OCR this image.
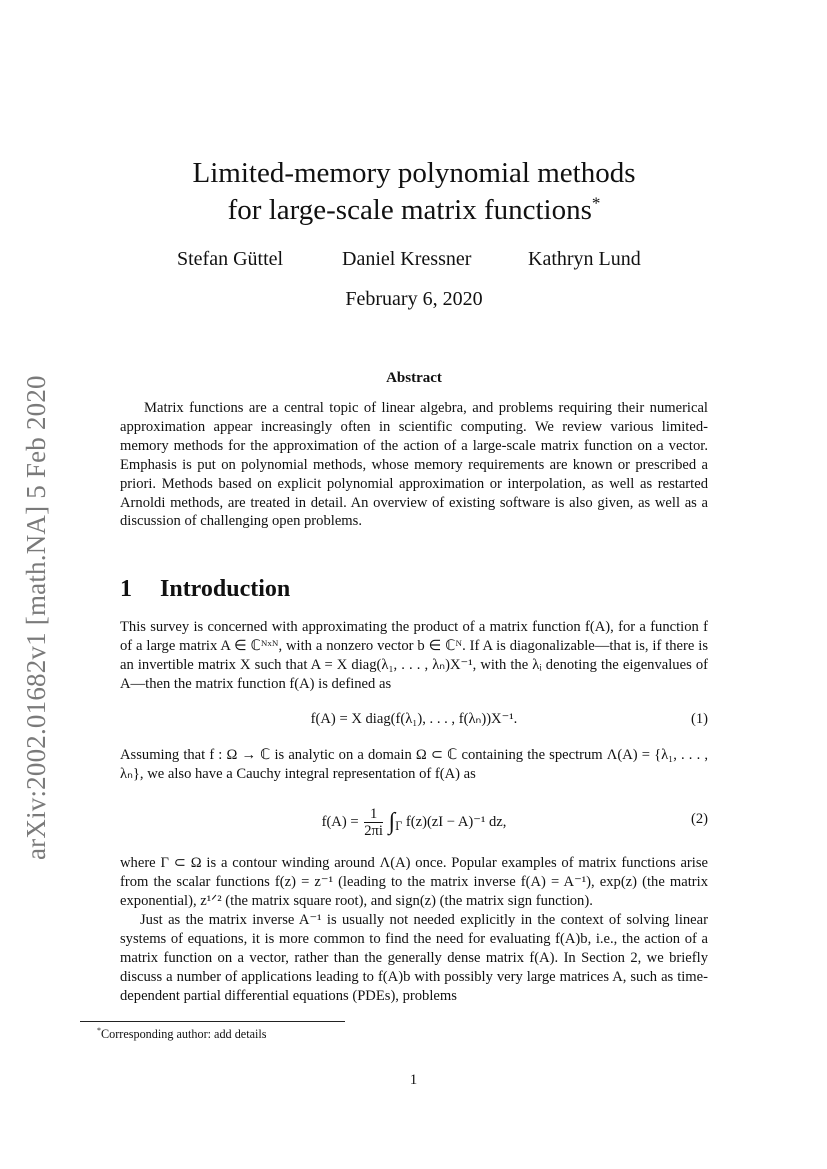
arXiv:2002.01682v1 [math.NA] 5 Feb 2020
Limited-memory polynomial methods
for large-scale matrix functions*
Stefan Güttel	Daniel Kressner	Kathryn Lund
February 6, 2020
Abstract

Matrix functions are a central topic of linear algebra, and problems requiring their numerical approximation appear increasingly often in scientific computing. We review various limited-memory methods for the approximation of the action of a large-scale matrix function on a vector. Emphasis is put on polynomial methods, whose memory requirements are known or prescribed a priori. Methods based on explicit polynomial approximation or interpolation, as well as restarted Arnoldi methods, are treated in detail. An overview of existing software is also given, as well as a discussion of challenging open problems.

1 Introduction

This survey is concerned with approximating the product of a matrix function f(A), for a function f of a large matrix A ∈ ℂᴺˣᴺ, with a nonzero vector b ∈ ℂᴺ. If A is diagonalizable—that is, if there is an invertible matrix X such that A = X diag(λ₁, . . . , λₙ)X⁻¹, with the λᵢ denoting the eigenvalues of A—then the matrix function f(A) is defined as

f(A) = X diag(f(λ₁), . . . , f(λₙ))X⁻¹.	(1)

Assuming that f : Ω → ℂ is analytic on a domain Ω ⊂ ℂ containing the spectrum Λ(A) = {λ₁, . . . , λₙ}, we also have a Cauchy integral representation of f(A) as

$f(A) = \frac{1}{2\pi i} \int_\Gamma$ f(z)(zI − A)⁻¹ dz,	(2)

where Γ ⊂ Ω is a contour winding around Λ(A) once. Popular examples of matrix functions arise from the scalar functions f(z) = z⁻¹ (leading to the matrix inverse f(A) = A⁻¹), exp(z) (the matrix exponential), z¹ᐟ² (the matrix square root), and sign(z) (the matrix sign function).

Just as the matrix inverse A⁻¹ is usually not needed explicitly in the context of solving linear systems of equations, it is more common to find the need for evaluating f(A)b, i.e., the action of a matrix function on a vector, rather than the generally dense matrix f(A). In Section 2, we briefly discuss a number of applications leading to f(A)b with possibly very large matrices A, such as time-dependent partial differential equations (PDEs), problems

*Corresponding author: add details
1
